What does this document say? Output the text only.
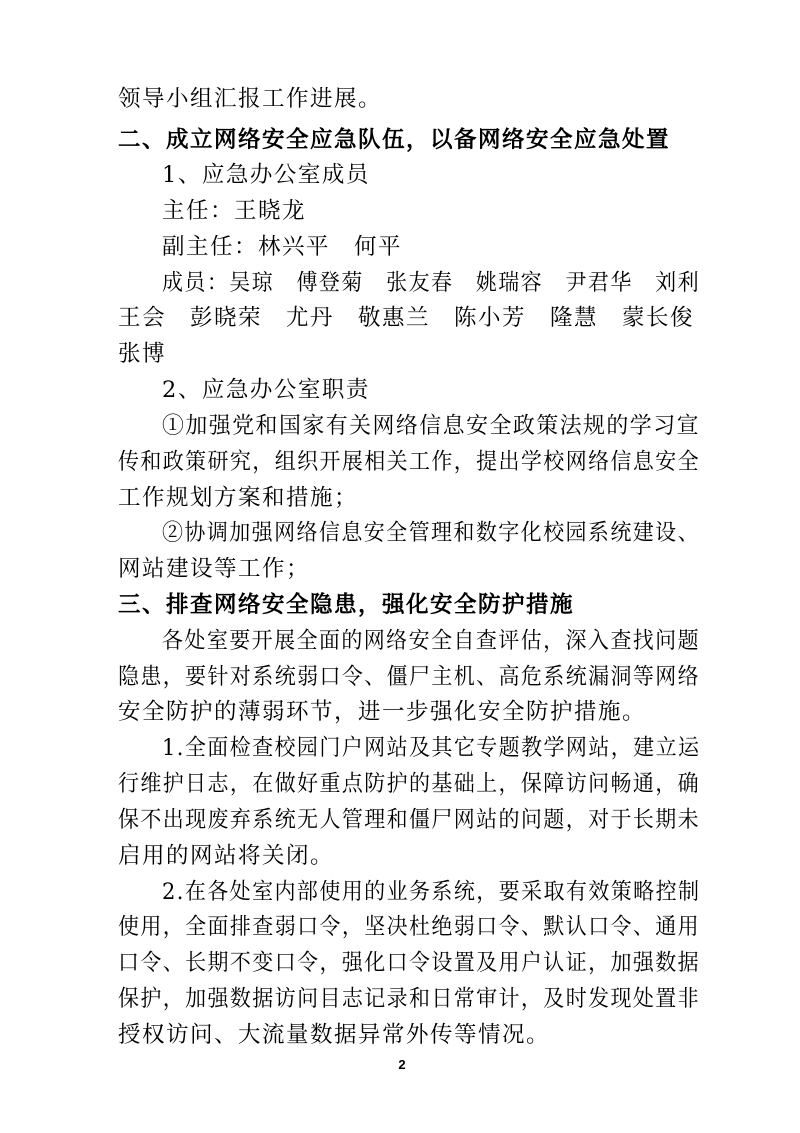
领导小组汇报工作进展。
二、成立网络安全应急队伍，以备网络安全应急处置
1、应急办公室成员
主任：王晓龙
副主任：林兴平　何平
成员：吴琼　傅登菊　张友春　姚瑞容　尹君华　刘利
王会　彭晓荣　尤丹　敬惠兰　陈小芳　隆慧　蒙长俊
张博
2、应急办公室职责
①加强党和国家有关网络信息安全政策法规的学习宣
传和政策研究，组织开展相关工作，提出学校网络信息安全
工作规划方案和措施；
②协调加强网络信息安全管理和数字化校园系统建设、
网站建设等工作；
三、排查网络安全隐患，强化安全防护措施
各处室要开展全面的网络安全自查评估，深入查找问题
隐患，要针对系统弱口令、僵尸主机、高危系统漏洞等网络
安全防护的薄弱环节，进一步强化安全防护措施。
1.全面检查校园门户网站及其它专题教学网站，建立运
行维护日志，在做好重点防护的基础上，保障访问畅通，确
保不出现废弃系统无人管理和僵尸网站的问题，对于长期未
启用的网站将关闭。
2.在各处室内部使用的业务系统，要采取有效策略控制
使用，全面排查弱口令，坚决杜绝弱口令、默认口令、通用
口令、长期不变口令，强化口令设置及用户认证，加强数据
保护，加强数据访问目志记录和日常审计，及时发现处置非
授权访问、大流量数据异常外传等情况。
2
